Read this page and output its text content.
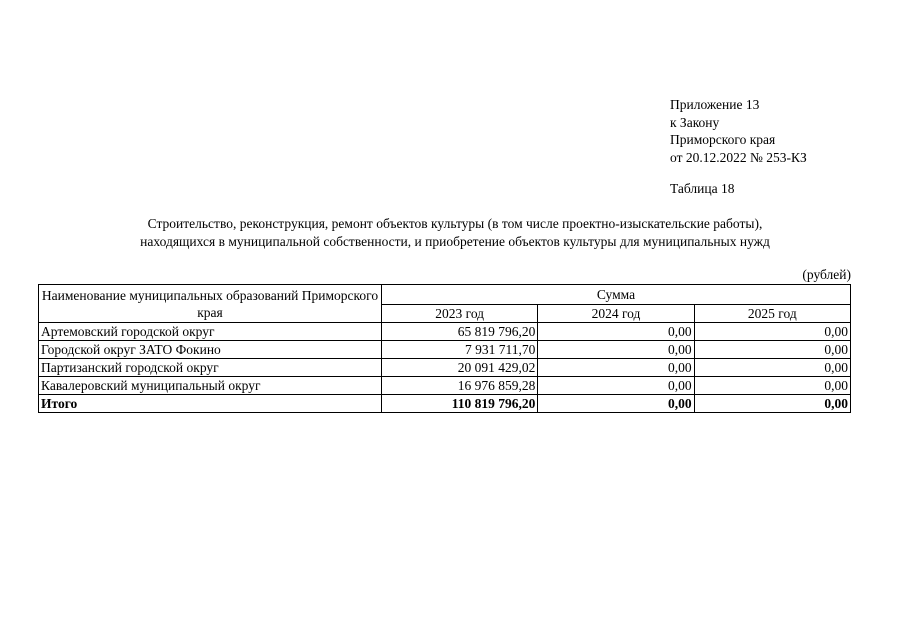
Приложение 13
к Закону
Приморского края
от 20.12.2022 № 253-КЗ
Таблица 18
Строительство, реконструкция, ремонт объектов культуры (в том числе проектно-изыскательские работы),
находящихся в муниципальной собственности, и приобретение объектов культуры для муниципальных нужд
(рублей)
Наименование муниципальных образований Приморского края	Сумма		
	2023 год	2024 год	2025 год
Артемовский городской округ	65 819 796,20	0,00	0,00
Городской округ ЗАТО Фокино	7 931 711,70	0,00	0,00
Партизанский городской округ	20 091 429,02	0,00	0,00
Кавалеровский муниципальный округ	16 976 859,28	0,00	0,00
Итого	110 819 796,20	0,00	0,00
